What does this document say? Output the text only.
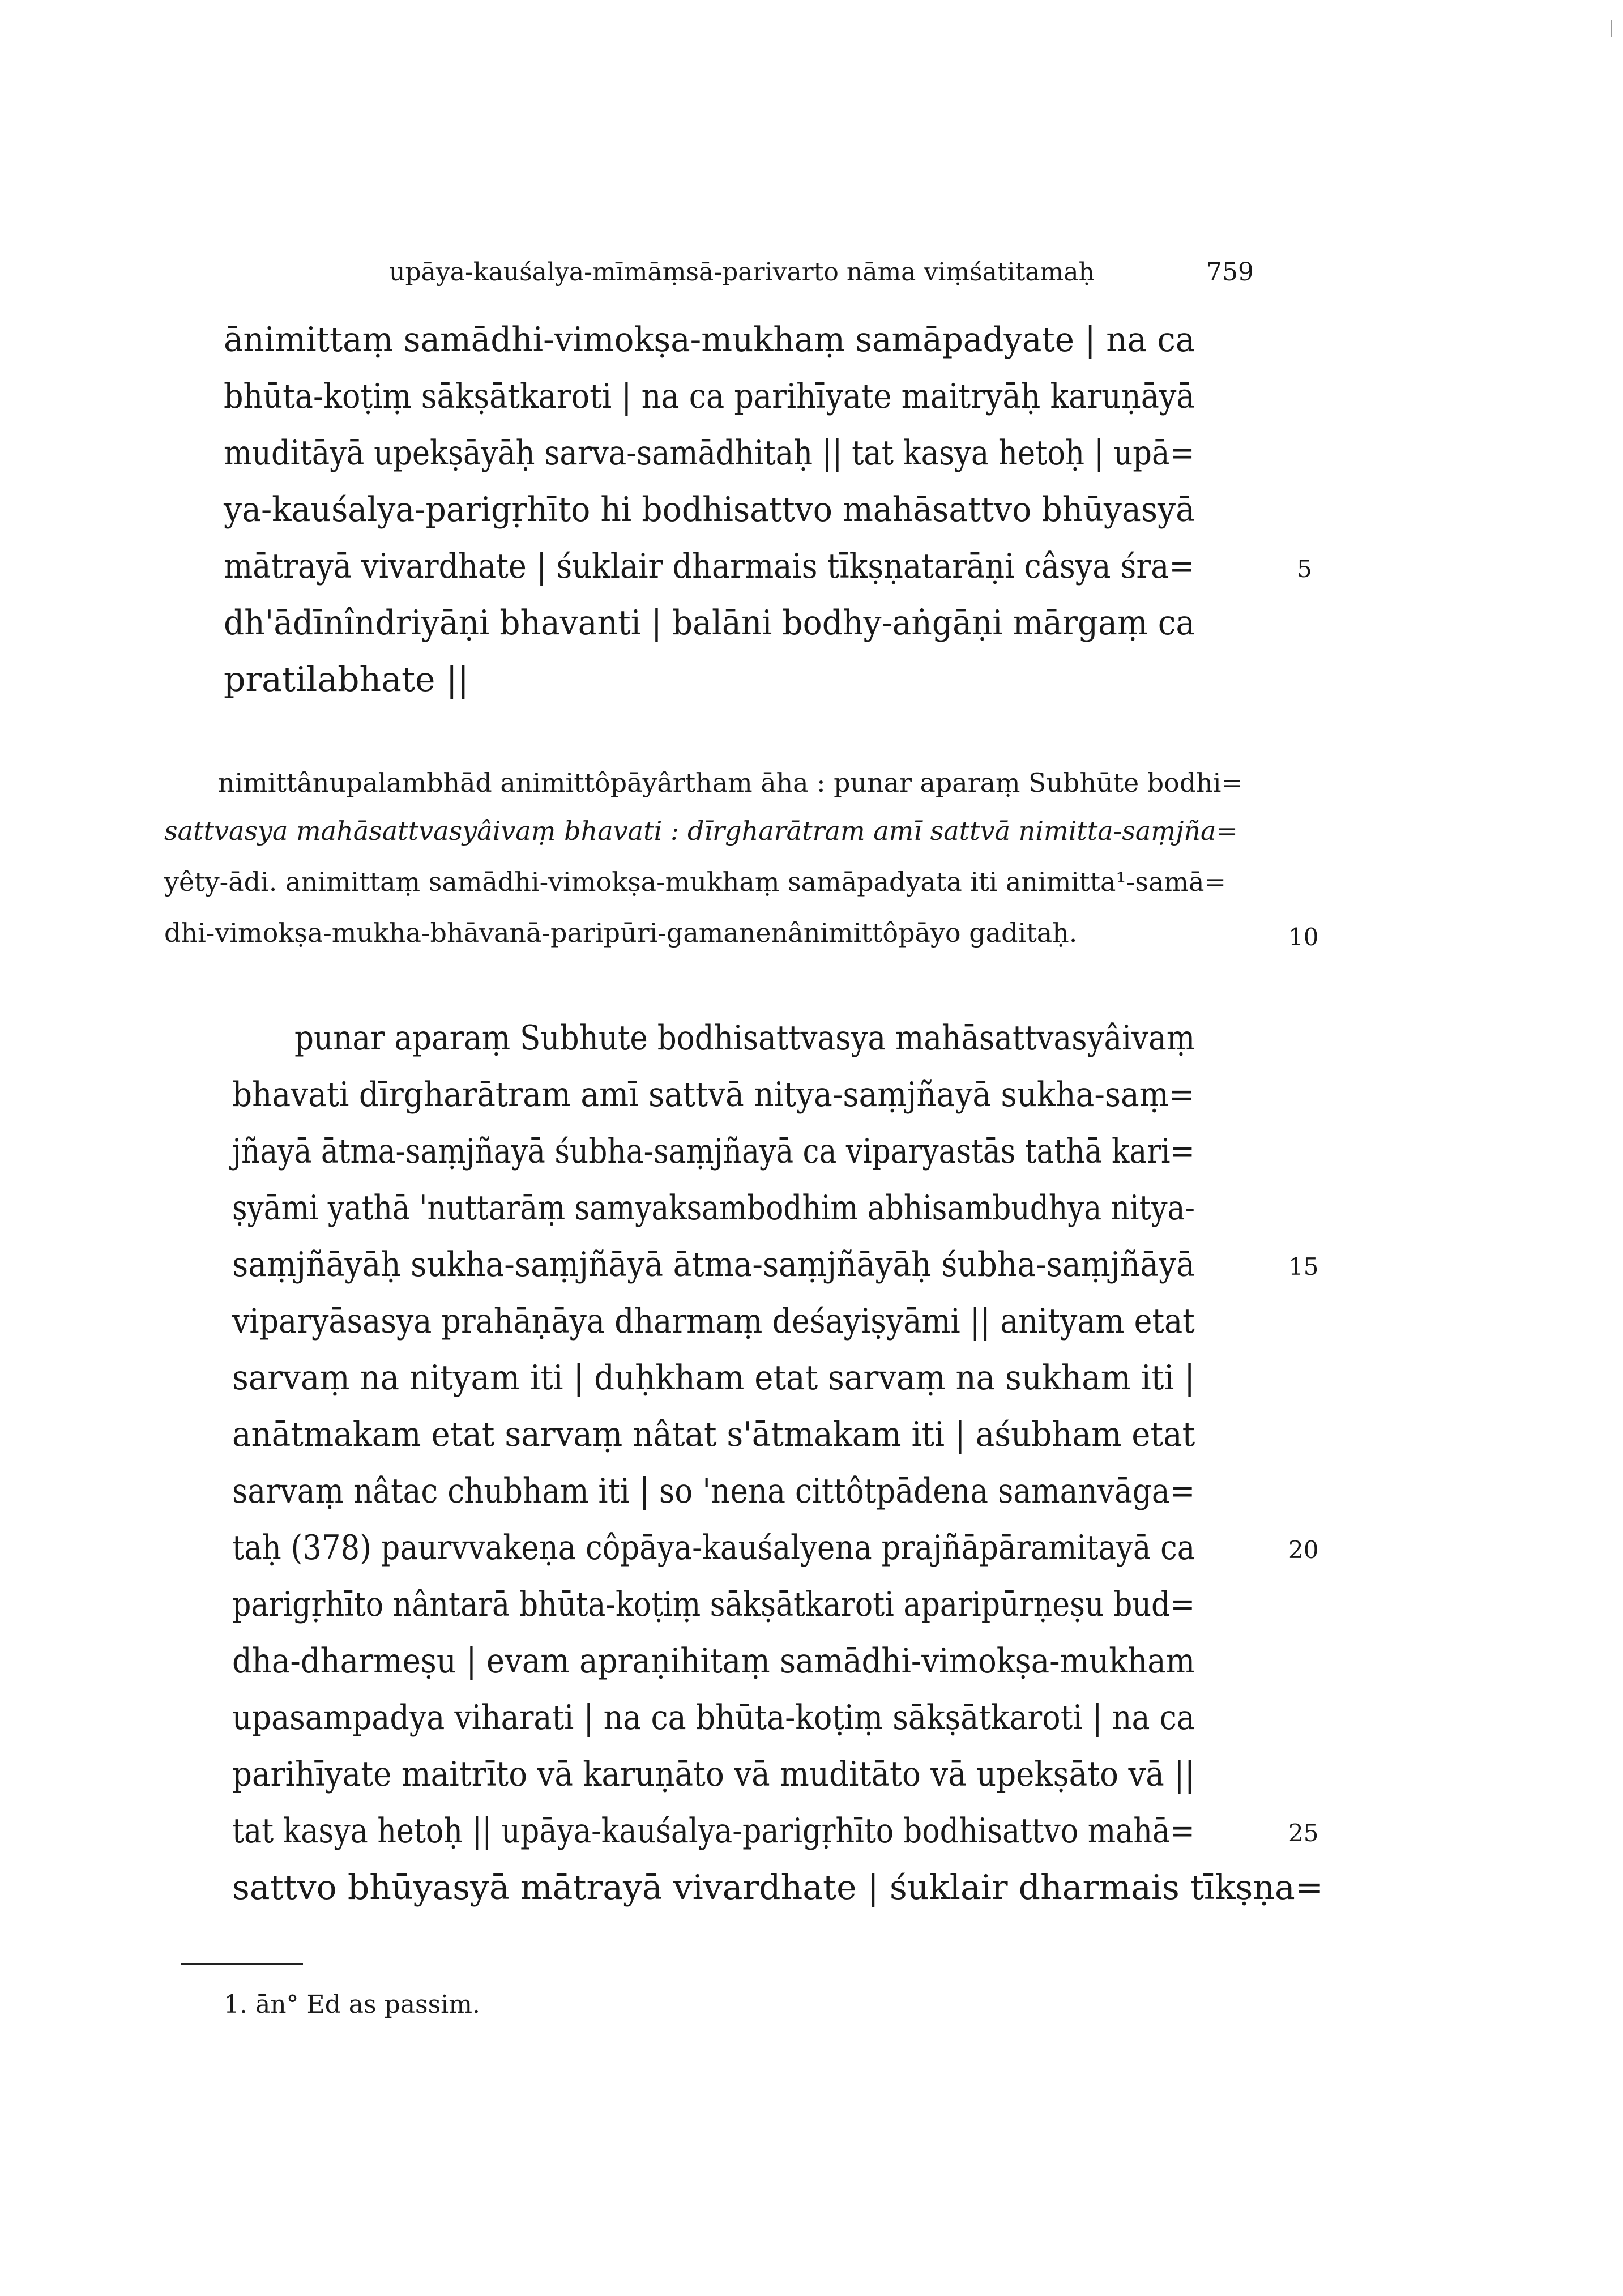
upāya-kauśalya-mīmāṃsā-parivarto nāma viṃśatitamaḥ	759
ānimittaṃ samādhi-vimokṣa-mukhaṃ samāpadyate | na ca
bhūta-koṭiṃ sākṣātkaroti | na ca parihīyate maitryāḥ karuṇāyā
muditāyā upekṣāyāḥ sarva-samādhitaḥ || tat kasya hetoḥ | upā=
ya-kauśalya-parigṛhīto hi bodhisattvo mahāsattvo bhūyasyā
mātrayā vivardhate | śuklair dharmais tīkṣṇatarāṇi câsya śra=
dh'ādīnîndriyāṇi bhavanti | balāni bodhy-aṅgāṇi mārgaṃ ca
pratilabhate ||
5
nimittânupalambhād animittôpāyârtham āha : punar aparaṃ Subhūte bodhi=
sattvasya mahāsattvasyâivaṃ bhavati : dīrgharātram amī sattvā nimitta-saṃjña=
yêty-ādi. animittaṃ samādhi-vimokṣa-mukhaṃ samāpadyata iti animitta¹-samā=
dhi-vimokṣa-mukha-bhāvanā-paripūri-gamanenânimittôpāyo gaditaḥ.	10
punar aparaṃ Subhute bodhisattvasya mahāsattvasyâivaṃ
bhavati dīrgharātram amī sattvā nitya-saṃjñayā sukha-saṃ=
jñayā ātma-saṃjñayā śubha-saṃjñayā ca viparyastās tathā kari=
ṣyāmi yathā 'nuttarāṃ samyaksambodhim abhisambudhya nitya-
saṃjñāyāḥ sukha-saṃjñāyā ātma-saṃjñāyāḥ śubha-saṃjñāyā
viparyāsasya prahāṇāya dharmaṃ deśayiṣyāmi || anityam etat
sarvaṃ na nityam iti | duḥkham etat sarvaṃ na sukham iti |
anātmakam etat sarvaṃ nâtat s'ātmakam iti | aśubham etat
sarvaṃ nâtac chubham iti | so 'nena cittôtpādena samanvāga=
taḥ (378) paurvvakeṇa côpāya-kauśalyena prajñāpāramitayā ca
parigṛhīto nântarā bhūta-koṭiṃ sākṣātkaroti aparipūrṇeṣu bud=
dha-dharmeṣu | evam apraṇihitaṃ samādhi-vimokṣa-mukham
upasampadya viharati | na ca bhūta-koṭiṃ sākṣātkaroti | na ca
parihīyate maitrīto vā karuṇāto vā muditāto vā upekṣāto vā ||
tat kasya hetoḥ || upāya-kauśalya-parigṛhīto bodhisattvo mahā=
sattvo bhūyasyā mātrayā vivardhate | śuklair dharmais tīkṣṇa=
15
20
25
1. ān° Ed as passim.
